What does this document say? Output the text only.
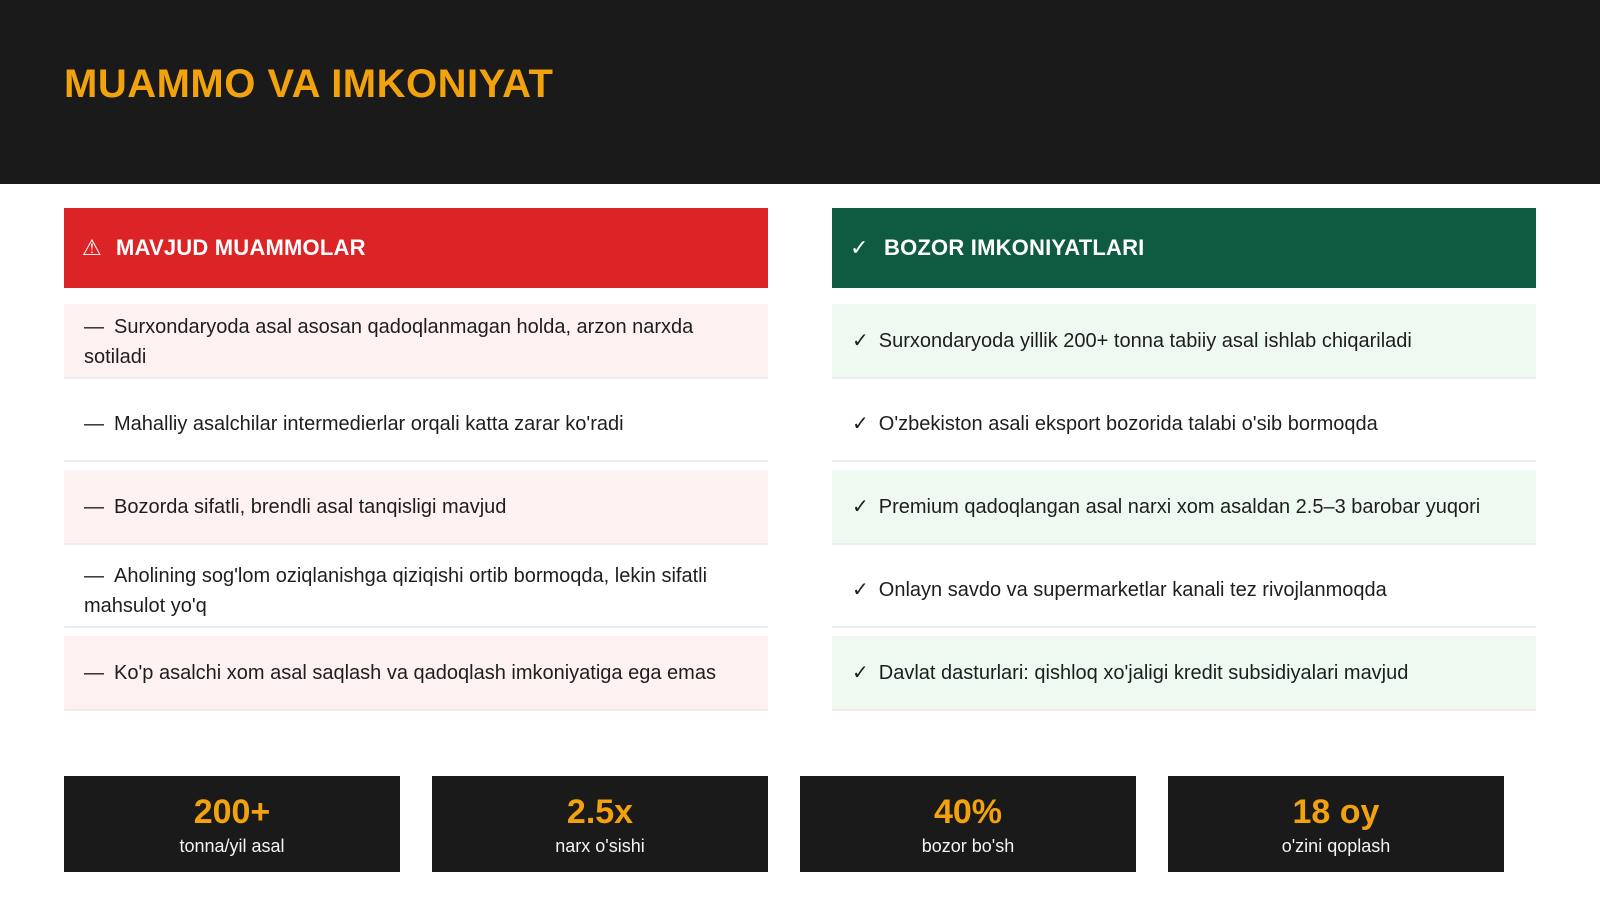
MUAMMO VA IMKONIYAT
⚠ MAVJUD MUAMMOLAR
— Surxondaryoda asal asosan qadoqlanmagan holda, arzon narxda sotiladi
— Mahalliy asalchilar intermedierlar orqali katta zarar ko'radi
— Bozorda sifatli, brendli asal tanqisligi mavjud
— Aholining sog'lom oziqlanishga qiziqishi ortib bormoqda, lekin sifatli mahsulot yo'q
— Ko'p asalchi xom asal saqlash va qadoqlash imkoniyatiga ega emas
✓ BOZOR IMKONIYATLARI
✓ Surxondaryoda yillik 200+ tonna tabiiy asal ishlab chiqariladi
✓ O'zbekiston asali eksport bozorida talabi o'sib bormoqda
✓ Premium qadoqlangan asal narxi xom asaldan 2.5–3 barobar yuqori
✓ Onlayn savdo va supermarketlar kanali tez rivojlanmoqda
✓ Davlat dasturlari: qishloq xo'jaligi kredit subsidiyalari mavjud
200+
tonna/yil asal
2.5x
narx o'sishi
40%
bozor bo'sh
18 oy
o'zini qoplash
